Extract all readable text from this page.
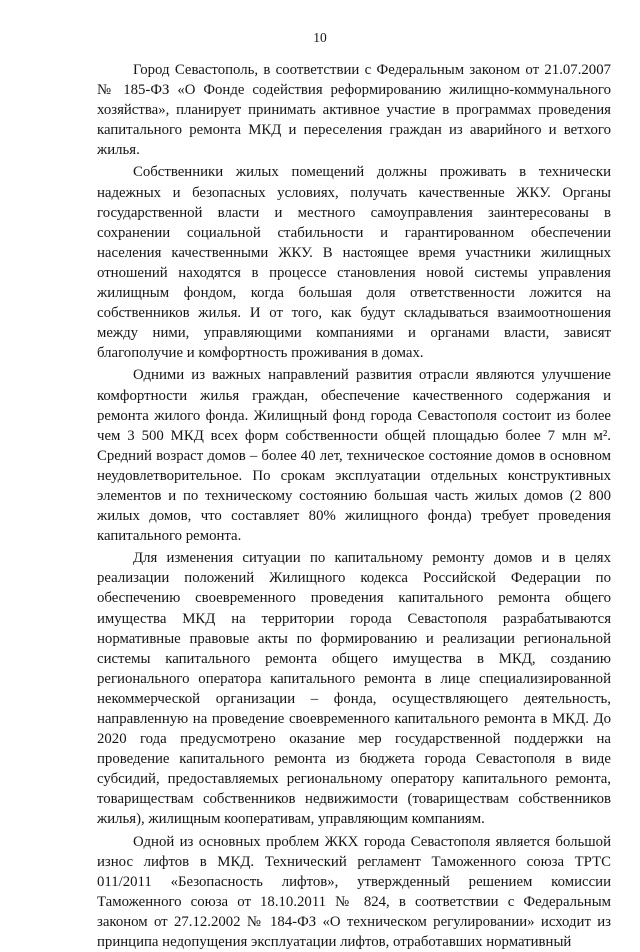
10

Город Севастополь, в соответствии с Федеральным законом от 21.07.2007 № 185-ФЗ «О Фонде содействия реформированию жилищно-коммунального хозяйства», планирует принимать активное участие в программах проведения капитального ремонта МКД и переселения граждан из аварийного и ветхого жилья.

Собственники жилых помещений должны проживать в технически надежных и безопасных условиях, получать качественные ЖКУ. Органы государственной власти и местного самоуправления заинтересованы в сохранении социальной стабильности и гарантированном обеспечении населения качественными ЖКУ. В настоящее время участники жилищных отношений находятся в процессе становления новой системы управления жилищным фондом, когда большая доля ответственности ложится на собственников жилья. И от того, как будут складываться взаимоотношения между ними, управляющими компаниями и органами власти, зависят благополучие и комфортность проживания в домах.

Одними из важных направлений развития отрасли являются улучшение комфортности жилья граждан, обеспечение качественного содержания и ремонта жилого фонда. Жилищный фонд города Севастополя состоит из более чем 3 500 МКД всех форм собственности общей площадью более 7 млн м². Средний возраст домов – более 40 лет, техническое состояние домов в основном неудовлетворительное. По срокам эксплуатации отдельных конструктивных элементов и по техническому состоянию большая часть жилых домов (2 800 жилых домов, что составляет 80% жилищного фонда) требует проведения капитального ремонта.

Для изменения ситуации по капитальному ремонту домов и в целях реализации положений Жилищного кодекса Российской Федерации по обеспечению своевременного проведения капитального ремонта общего имущества МКД на территории города Севастополя разрабатываются нормативные правовые акты по формированию и реализации региональной системы капитального ремонта общего имущества в МКД, созданию регионального оператора капитального ремонта в лице специализированной некоммерческой организации – фонда, осуществляющего деятельность, направленную на проведение своевременного капитального ремонта в МКД. До 2020 года предусмотрено оказание мер государственной поддержки на проведение капитального ремонта из бюджета города Севастополя в виде субсидий, предоставляемых региональному оператору капитального ремонта, товариществам собственников недвижимости (товариществам собственников жилья), жилищным кооперативам, управляющим компаниям.

Одной из основных проблем ЖКХ города Севастополя является большой износ лифтов в МКД. Технический регламент Таможенного союза ТРТС 011/2011 «Безопасность лифтов», утвержденный решением комиссии Таможенного союза от 18.10.2011 № 824, в соответствии с Федеральным законом от 27.12.2002 № 184-ФЗ «О техническом регулировании» исходит из принципа недопущения эксплуатации лифтов, отработавших нормативный
